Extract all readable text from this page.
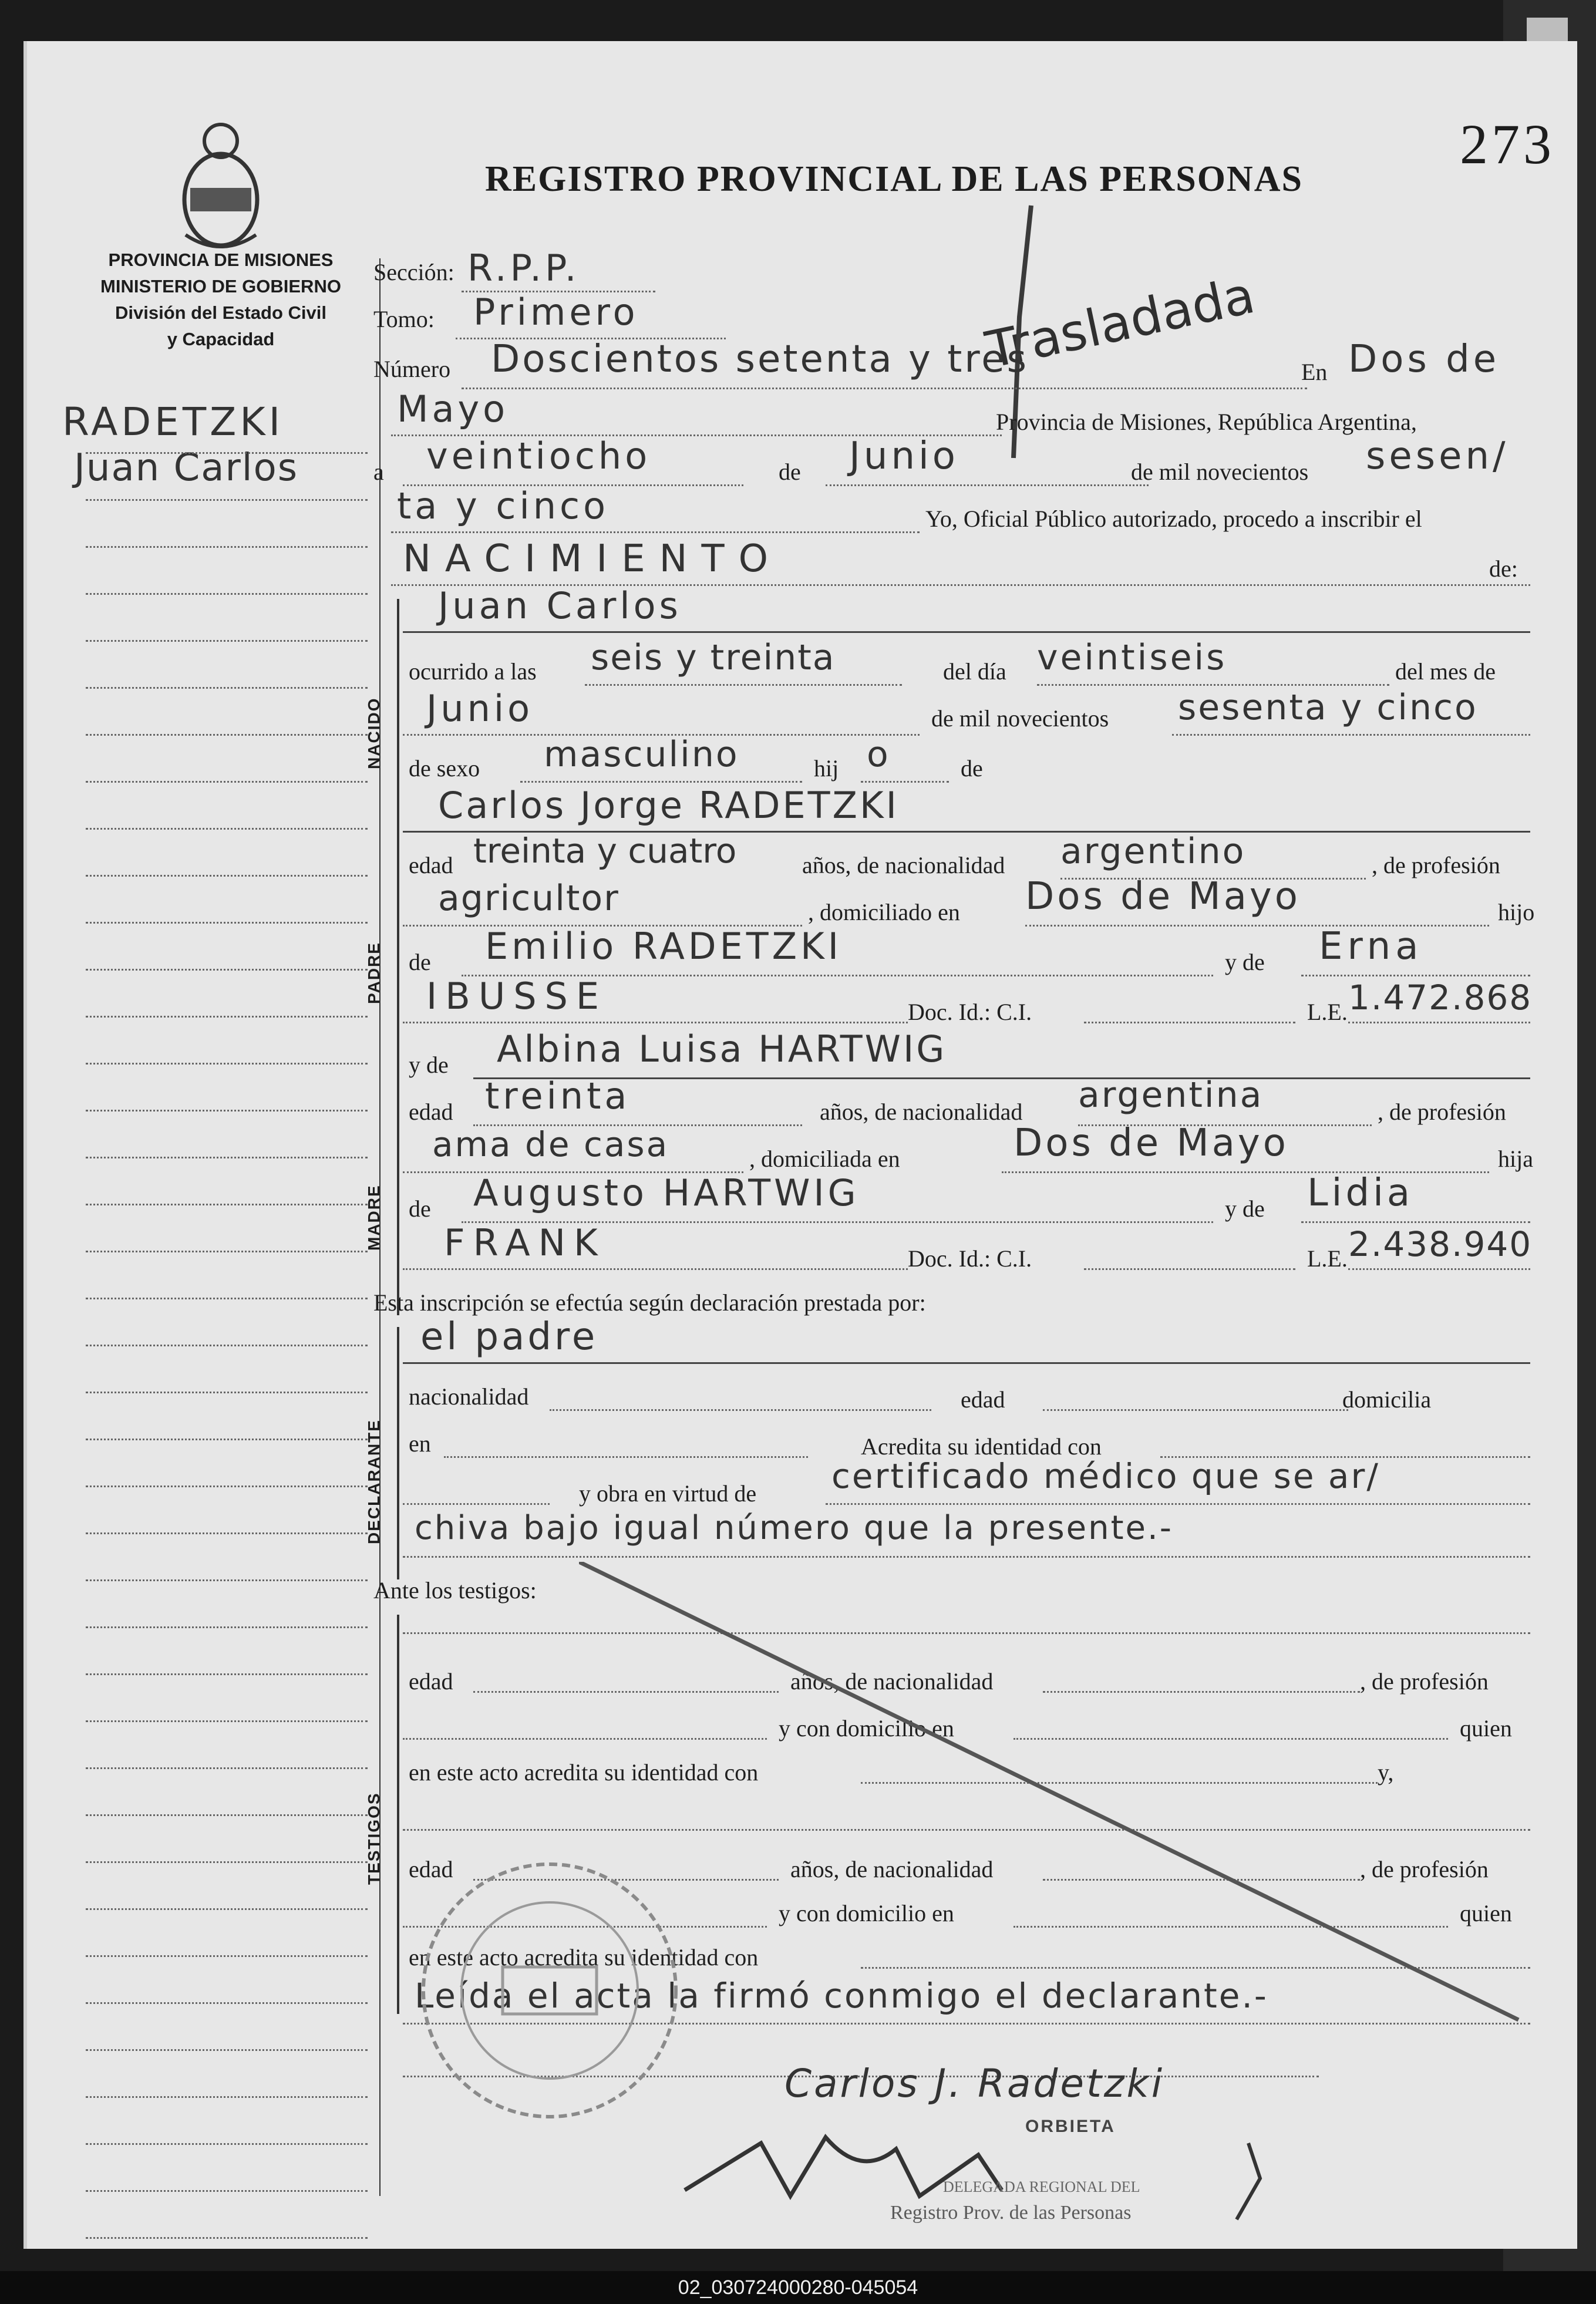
273
REGISTRO PROVINCIAL DE LAS PERSONAS
PROVINCIA DE MISIONES
MINISTERIO DE GOBIERNO
División del Estado Civil
y Capacidad
RADETZKI
Juan Carlos
Trasladada
Sección: R.P.P.
Tomo: Primero
Número Doscientos setenta y tres	En Dos de
Mayo	Provincia de Misiones, República Argentina,
a veintiocho	de Junio	de mil novecientos sesen/
ta y cinco	Yo, Oficial Público autorizado, procedo a inscribir el
NACIMIENTO	de:
NACIDO
Juan Carlos
ocurrido a las seis y treinta	del día veintiseis	del mes de
Junio	de mil novecientos sesenta y cinco
de sexo masculino	hij o	de
PADRE
Carlos Jorge RADETZKI
edad treinta y cuatro	años, de nacionalidad argentino	, de profesión
agricultor	, domiciliado en Dos de Mayo	hijo
de Emilio RADETZKI	y de Erna
IBUSSE	Doc. Id.: C.I.	L.E. 1.472.868
MADRE
y de Albina Luisa HARTWIG
edad treinta	años, de nacionalidad argentina	, de profesión
ama de casa	, domiciliada en	Dos de Mayo	hija
de Augusto HARTWIG	y de Lidia
FRANK	Doc. Id.: C.I.	L.E. 2.438.940
Esta inscripción se efectúa según declaración prestada por:
DECLARANTE
el padre
nacionalidad	edad	domicilia
en	Acredita su identidad con
y obra en virtud de certificado médico que se ar/
chiva bajo igual número que la presente.-
Ante los testigos:
TESTIGOS
edad	años, de nacionalidad	, de profesión
y con domicilio en	quien
en este acto acredita su identidad con	y,
edad	años, de nacionalidad	, de profesión
y con domicilio en	quien
en este acto acredita su identidad con
Leída el acta la firmó conmigo el declarante.-
Carlos J. Radetzki
ORBIETA
DELEGADA REGIONAL DEL
Registro Prov. de las Personas
02_030724000280-045054
